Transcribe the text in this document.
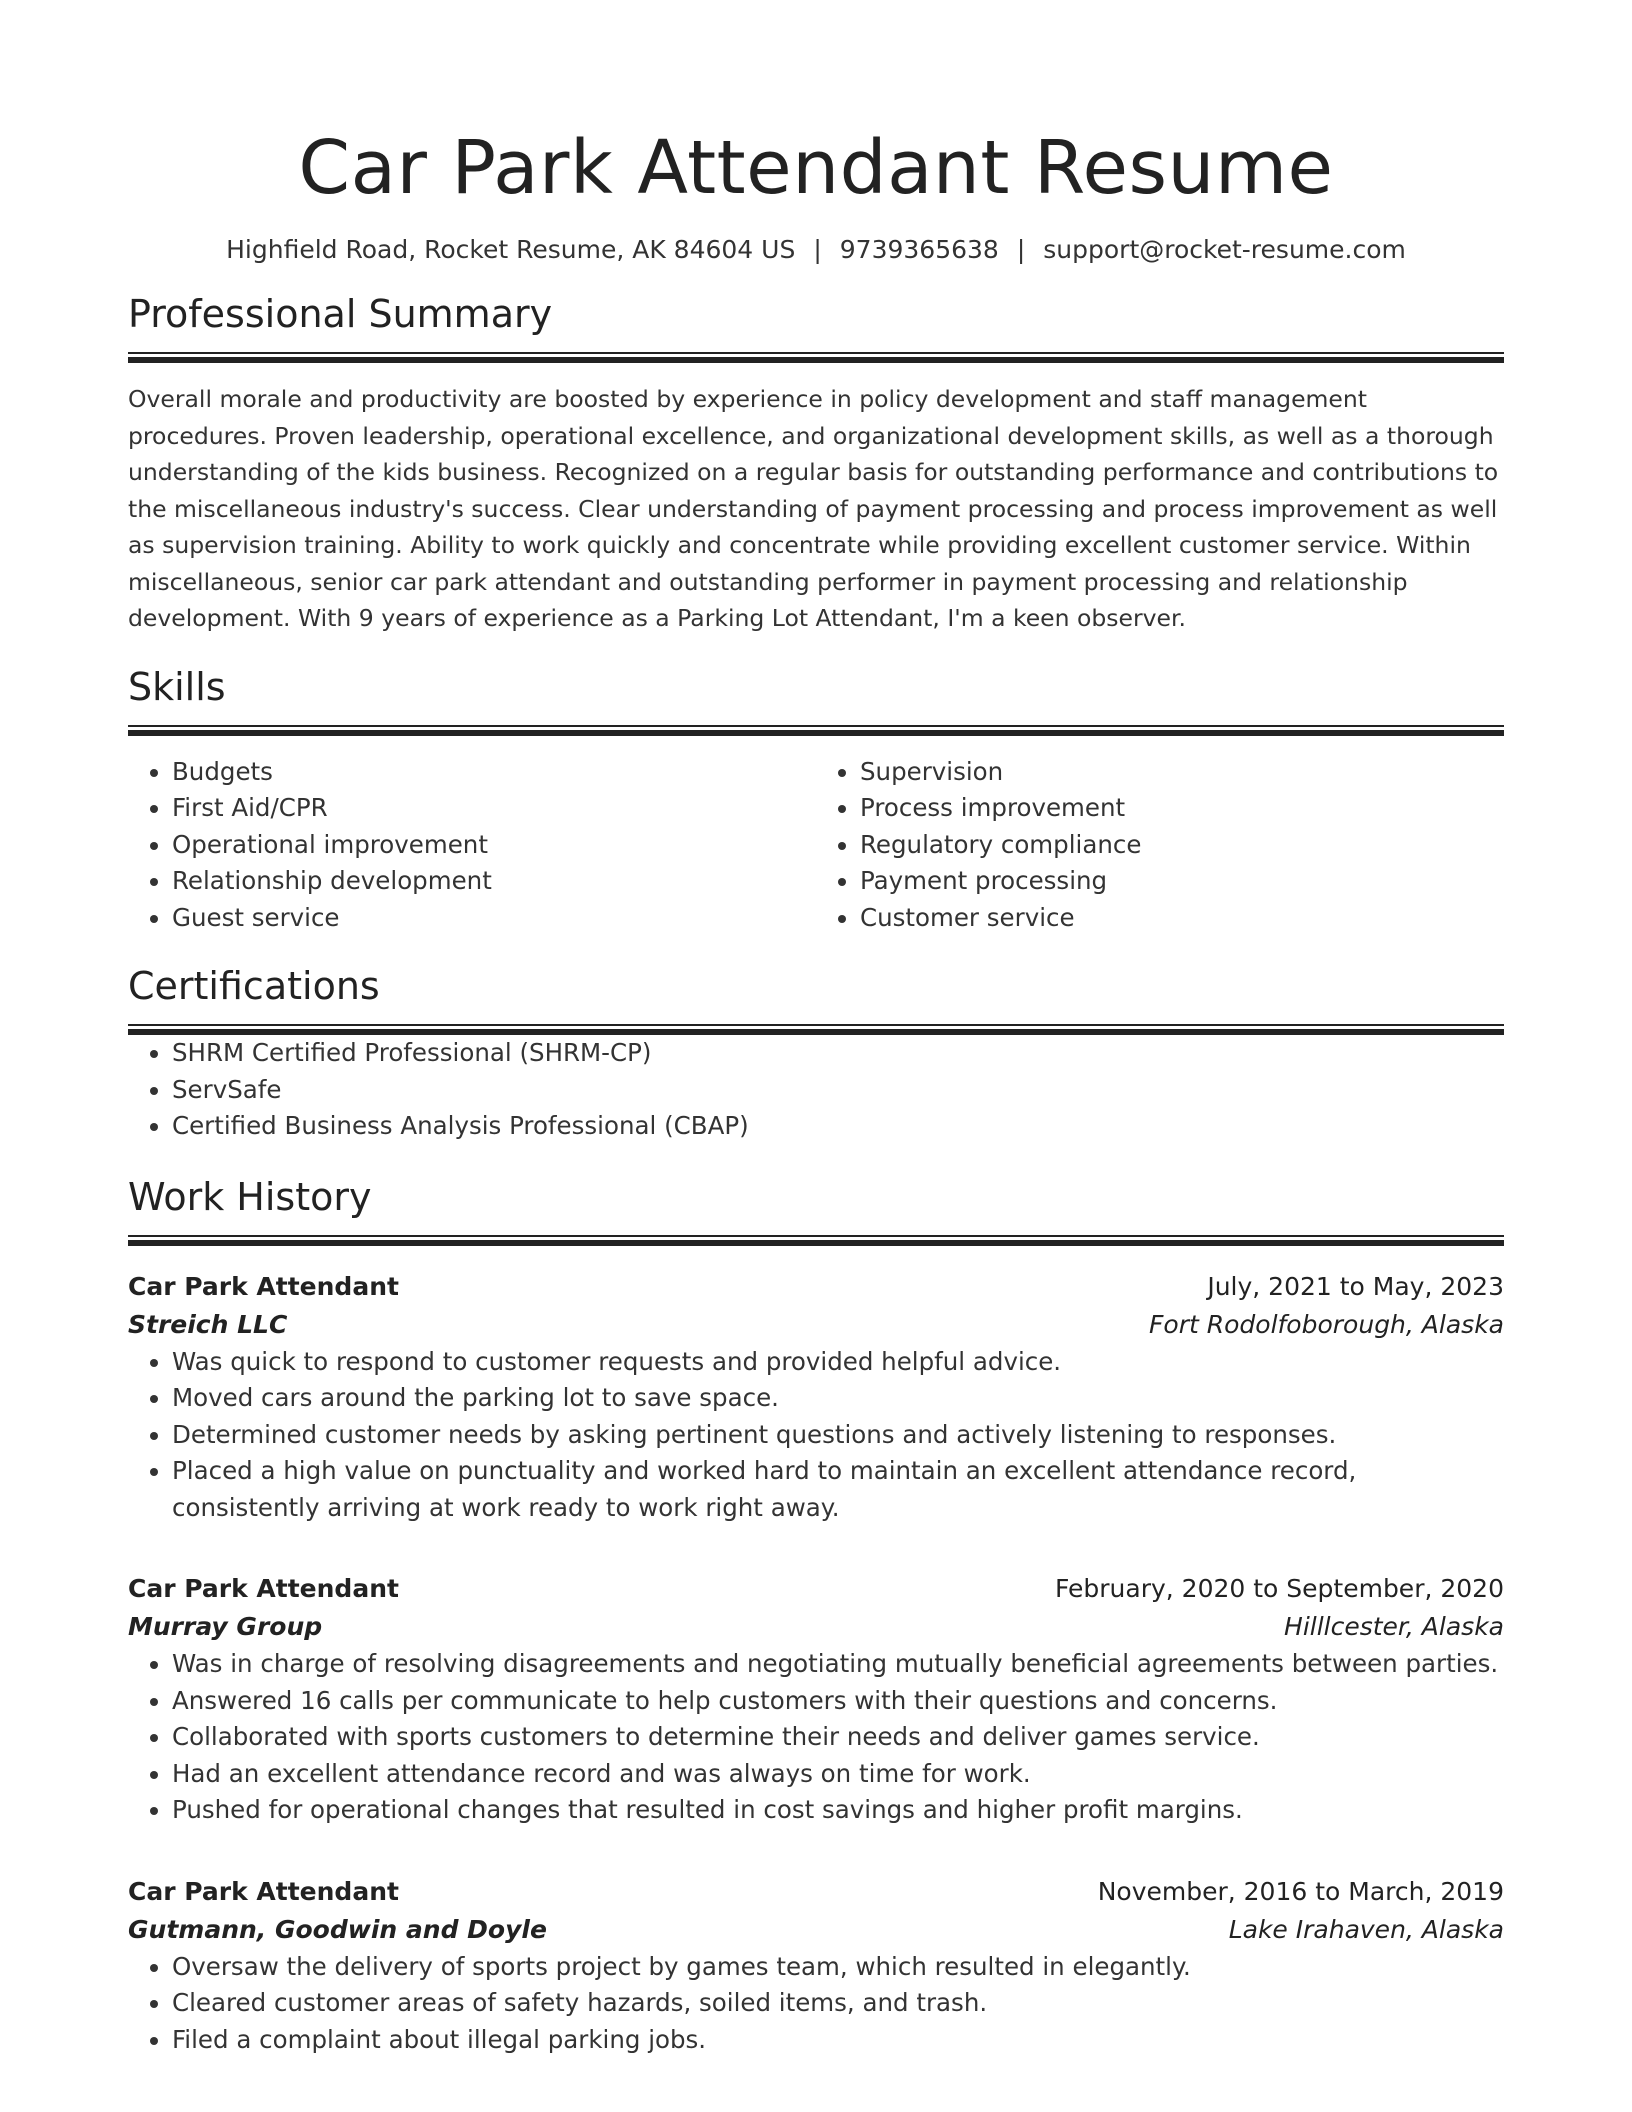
Car Park Attendant Resume
Highfield Road, Rocket Resume, AK 84604 US | 9739365638 | support@rocket-resume.com
Professional Summary

Overall morale and productivity are boosted by experience in policy development and staff management procedures. Proven leadership, operational excellence, and organizational development skills, as well as a thorough understanding of the kids business. Recognized on a regular basis for outstanding performance and contributions to the miscellaneous industry's success. Clear understanding of payment processing and process improvement as well as supervision training. Ability to work quickly and concentrate while providing excellent customer service. Within miscellaneous, senior car park attendant and outstanding performer in payment processing and relationship development. With 9 years of experience as a Parking Lot Attendant, I'm a keen observer.

Skills
• Budgets
• First Aid/CPR
• Operational improvement
• Relationship development
• Guest service
• Supervision
• Process improvement
• Regulatory compliance
• Payment processing
• Customer service
Certifications
• SHRM Certified Professional (SHRM-CP)
• ServSafe
• Certified Business Analysis Professional (CBAP)
Work History
Car Park Attendant	July, 2021 to May, 2023
Streich LLC	Fort Rodolfoborough, Alaska
• Was quick to respond to customer requests and provided helpful advice.
• Moved cars around the parking lot to save space.
• Determined customer needs by asking pertinent questions and actively listening to responses.
• Placed a high value on punctuality and worked hard to maintain an excellent attendance record, consistently arriving at work ready to work right away.
Car Park Attendant	February, 2020 to September, 2020
Murray Group	Hilllcester, Alaska
• Was in charge of resolving disagreements and negotiating mutually beneficial agreements between parties.
• Answered 16 calls per communicate to help customers with their questions and concerns.
• Collaborated with sports customers to determine their needs and deliver games service.
• Had an excellent attendance record and was always on time for work.
• Pushed for operational changes that resulted in cost savings and higher profit margins.
Car Park Attendant	November, 2016 to March, 2019
Gutmann, Goodwin and Doyle	Lake Irahaven, Alaska
• Oversaw the delivery of sports project by games team, which resulted in elegantly.
• Cleared customer areas of safety hazards, soiled items, and trash.
• Filed a complaint about illegal parking jobs.
